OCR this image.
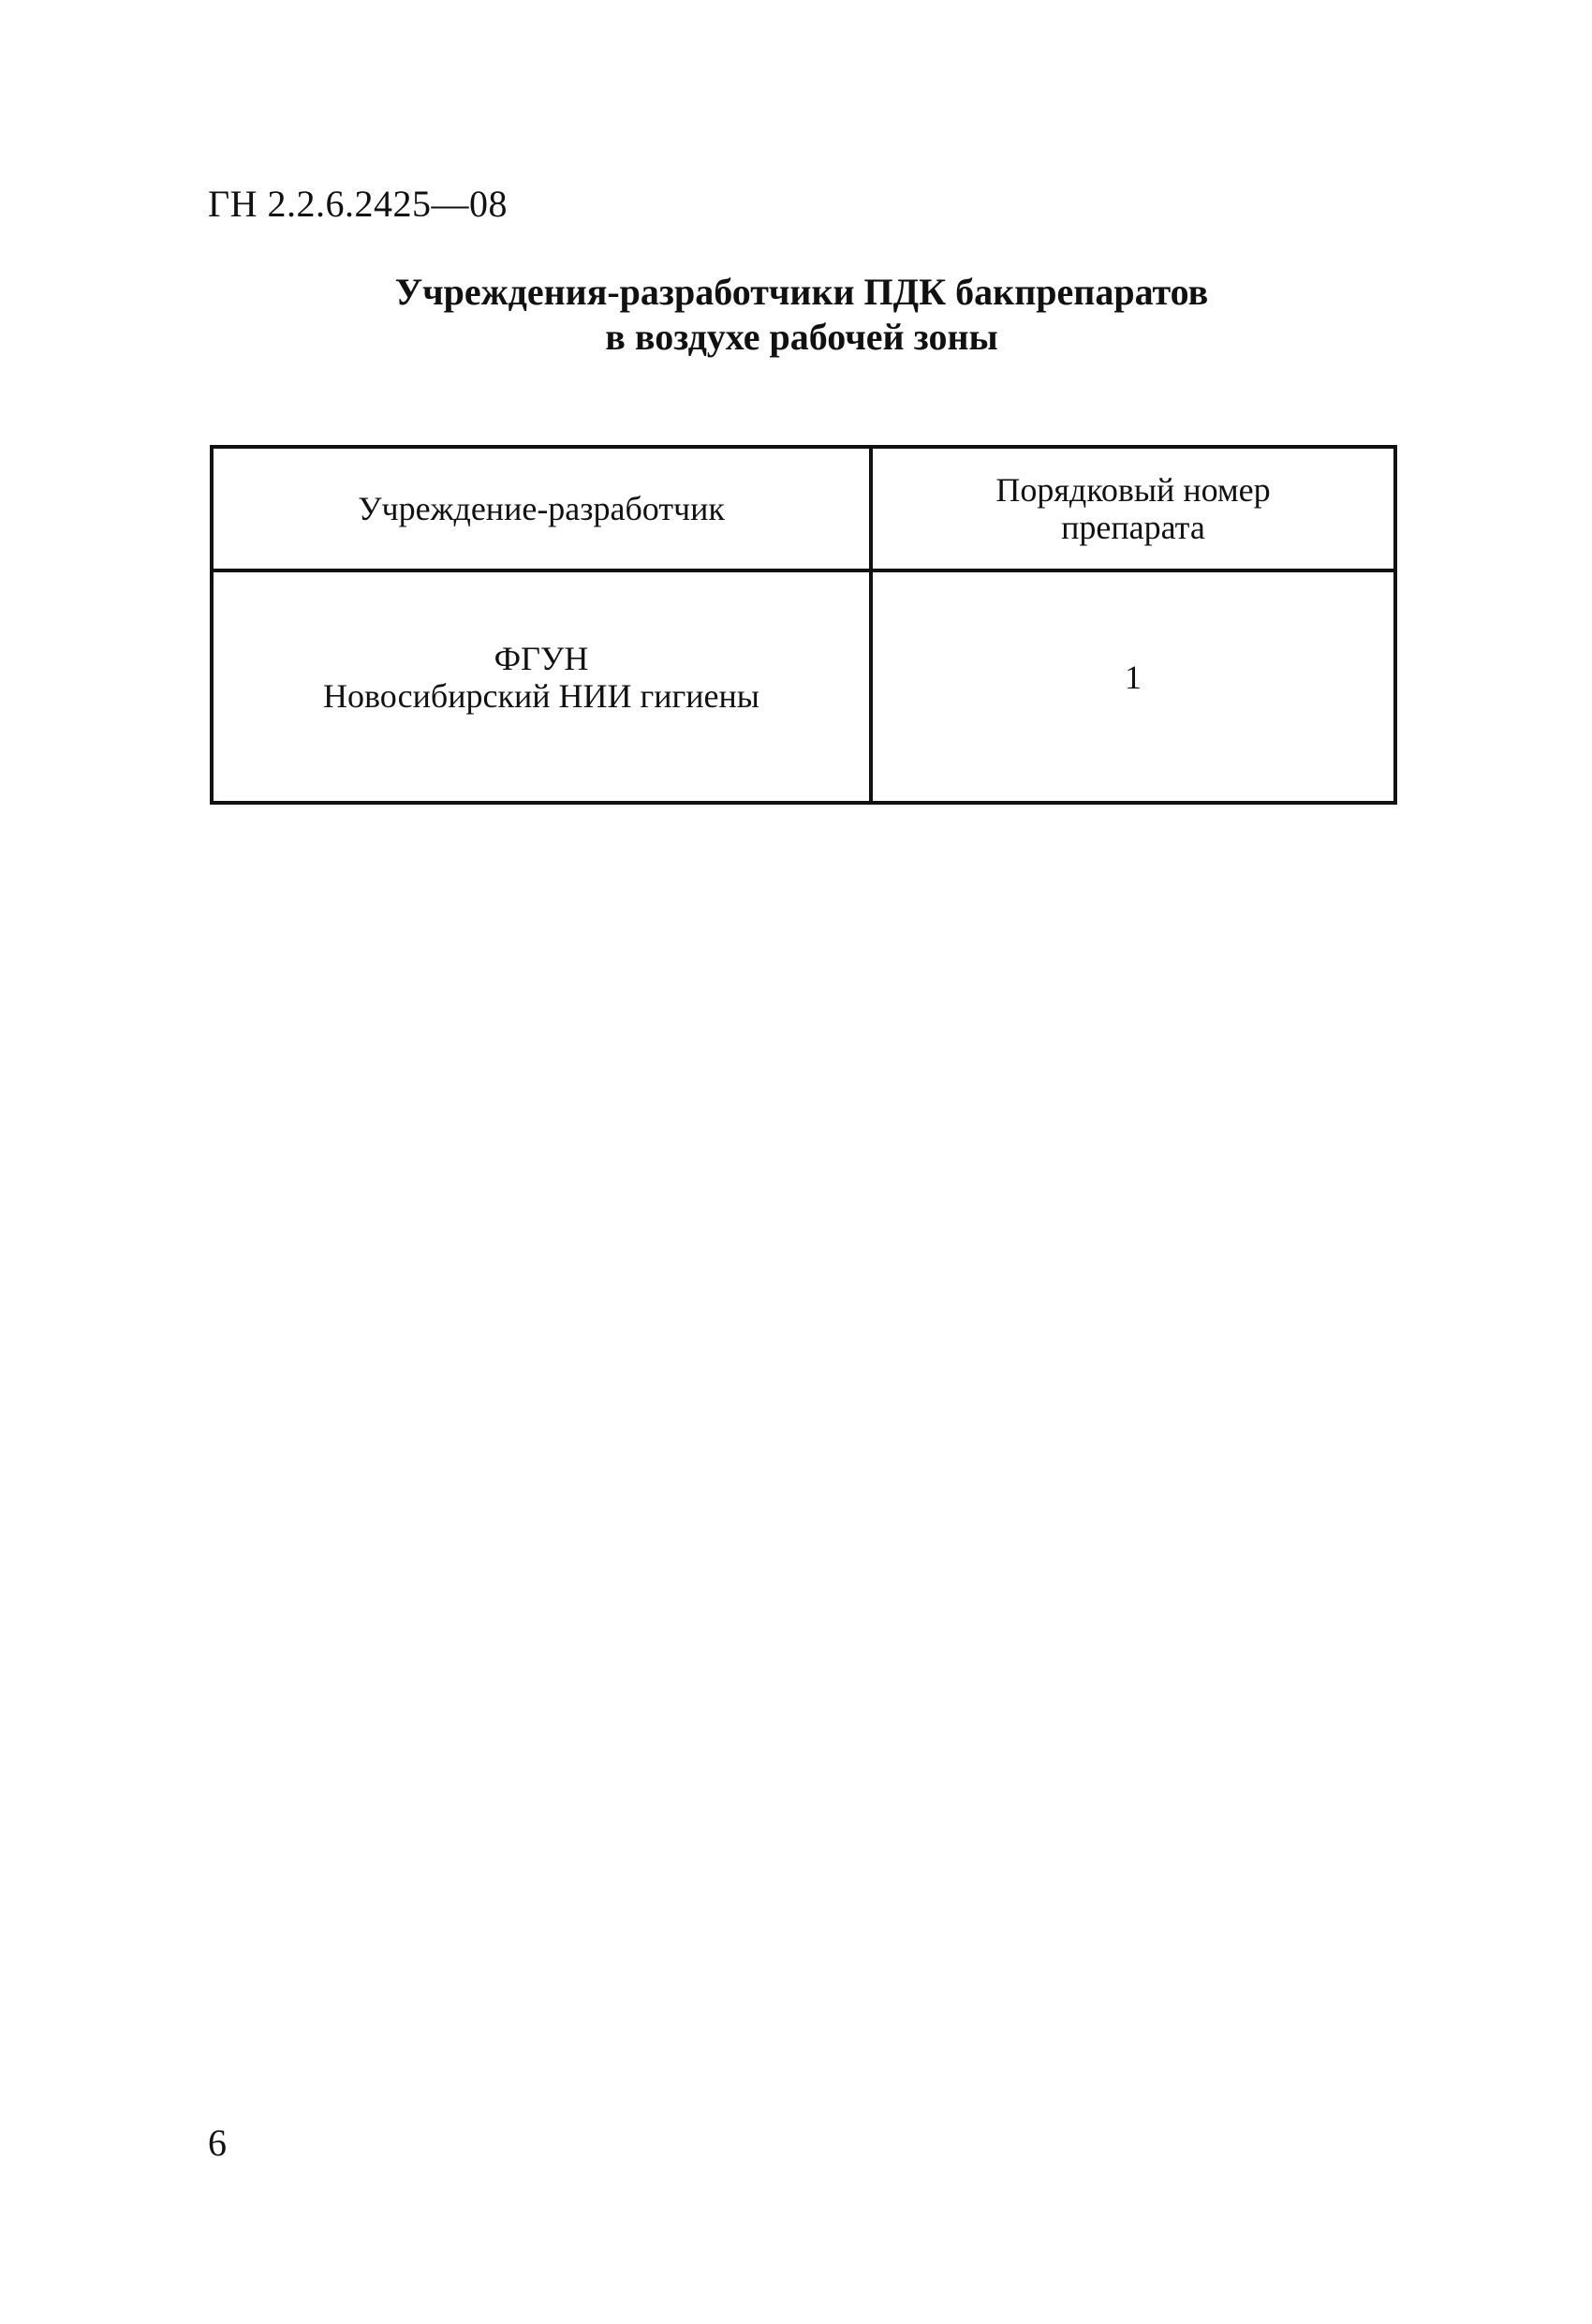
ГН 2.2.6.2425—08
Учреждения-разработчики ПДК бакпрепаратов
в воздухе рабочей зоны
Учреждение-разработчик	Порядковый номер
препарата
ФГУН
Новосибирский НИИ гигиены	1
6
